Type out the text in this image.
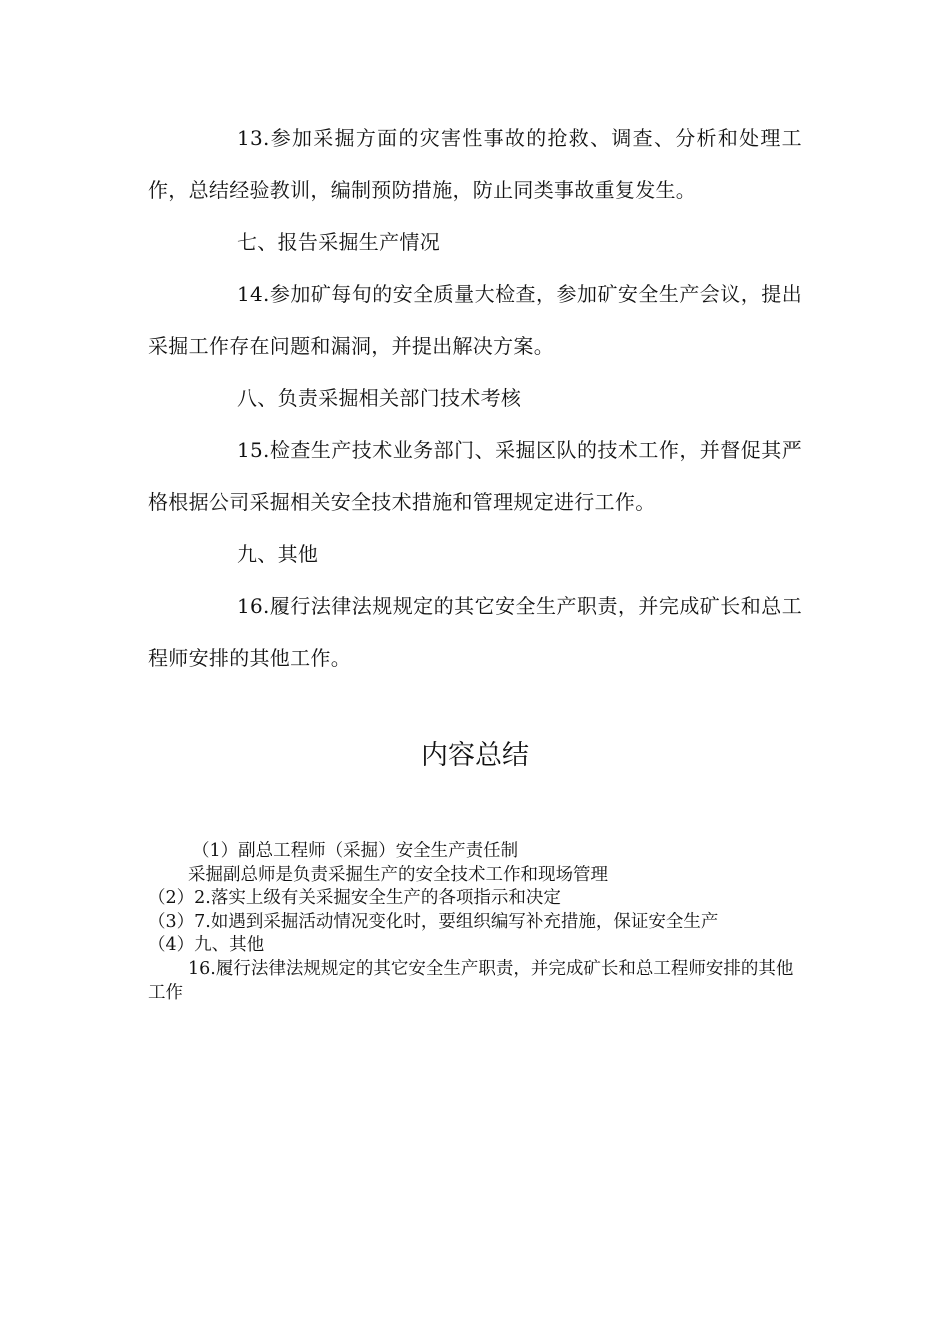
13.参加采掘方面的灾害性事故的抢救、调查、分析和处理工作，总结经验教训，编制预防措施，防止同类事故重复发生。

七、报告采掘生产情况

14.参加矿每旬的安全质量大检查，参加矿安全生产会议，提出采掘工作存在问题和漏洞，并提出解决方案。

八、负责采掘相关部门技术考核

15.检查生产技术业务部门、采掘区队的技术工作，并督促其严格根据公司采掘相关安全技术措施和管理规定进行工作。

九、其他

16.履行法律法规规定的其它安全生产职责，并完成矿长和总工程师安排的其他工作。

内容总结

（1）副总工程师（采掘）安全生产责任制

采掘副总师是负责采掘生产的安全技术工作和现场管理

（2）2.落实上级有关采掘安全生产的各项指示和决定

（3）7.如遇到采掘活动情况变化时，要组织编写补充措施，保证安全生产

（4）九、其他

16.履行法律法规规定的其它安全生产职责，并完成矿长和总工程师安排的其他工作
